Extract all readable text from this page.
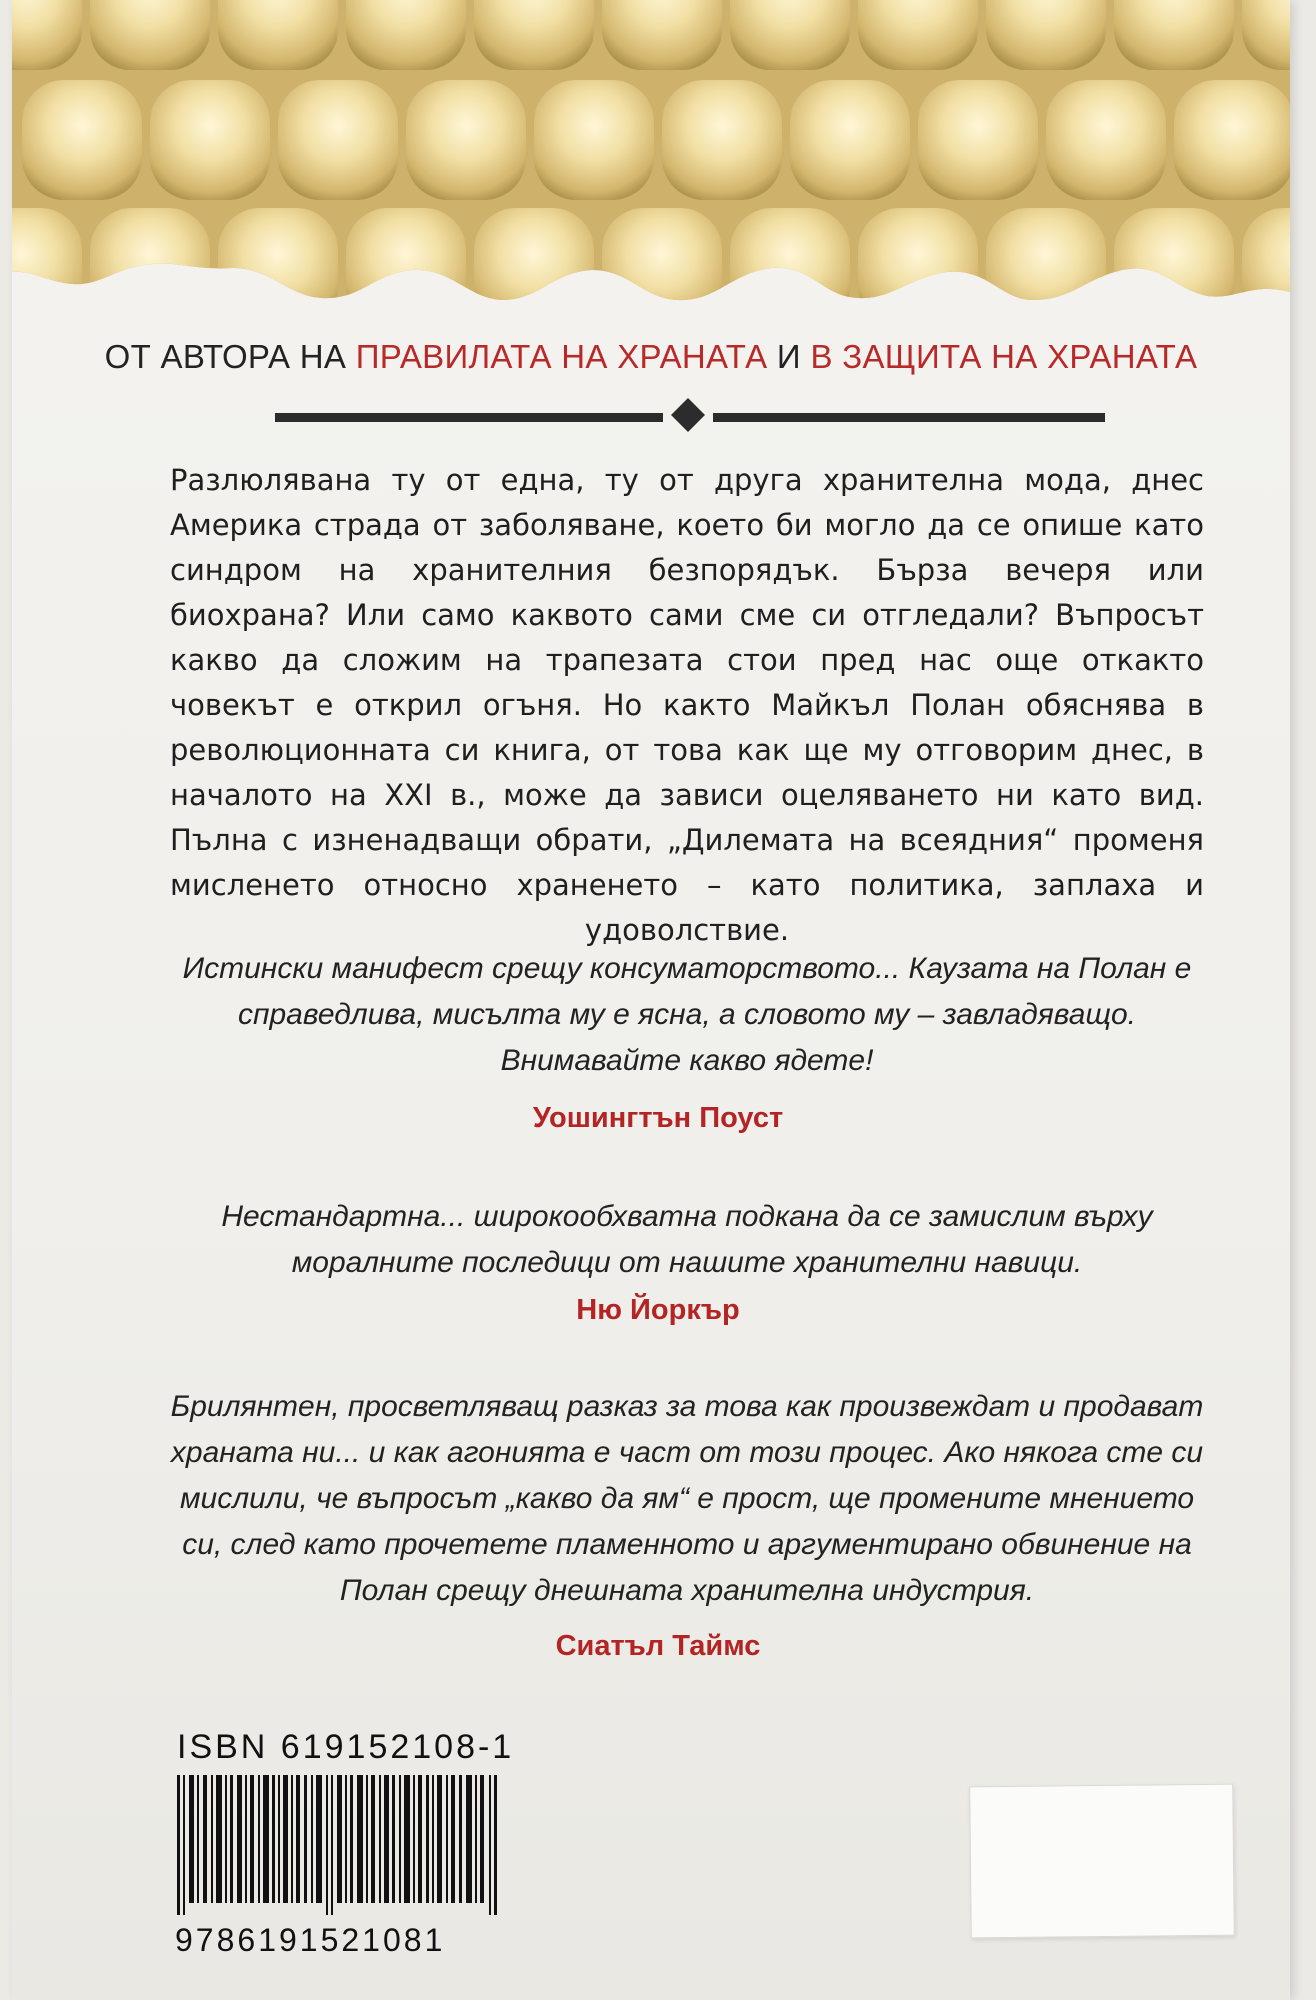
ОТ АВТОРА НА ПРАВИЛАТА НА ХРАНАТА И В ЗАЩИТА НА ХРАНАТА

Разлюлявана ту от една, ту от друга хранителна мода, днес Америка страда от заболяване, което би могло да се опише като синдром на хранителния безпорядък. Бърза вечеря или биохрана? Или само каквото сами сме си отгледали? Въпросът какво да сложим на трапезата стои пред нас още откакто човекът е открил огъня. Но както Майкъл Полан обяснява в революционната си книга, от това как ще му отговорим днес, в началото на XXI в., може да зависи оцеляването ни като вид. Пълна с изненадващи обрати, „Дилемата на всеядния“ променя мисленето относно храненето – като политика, заплаха и удоволствие.

Истински манифест срещу консуматорството... Каузата на Полан е справедлива, мисълта му е ясна, а словото му – завладяващо. Внимавайте какво ядете!

Уошингтън Поуст

Нестандартна... широкообхватна подкана да се замислим върху моралните последици от нашите хранителни навици.

Ню Йоркър

Брилянтен, просветляващ разказ за това как произвеждат и продават храната ни... и как агонията е част от този процес. Ако някога сте си мислили, че въпросът „какво да ям“ е прост, ще промените мнението си, след като прочетете пламенното и аргументирано обвинение на Полан срещу днешната хранителна индустрия.

Сиатъл Таймс
ISBN 619152108-1
9786191521081
